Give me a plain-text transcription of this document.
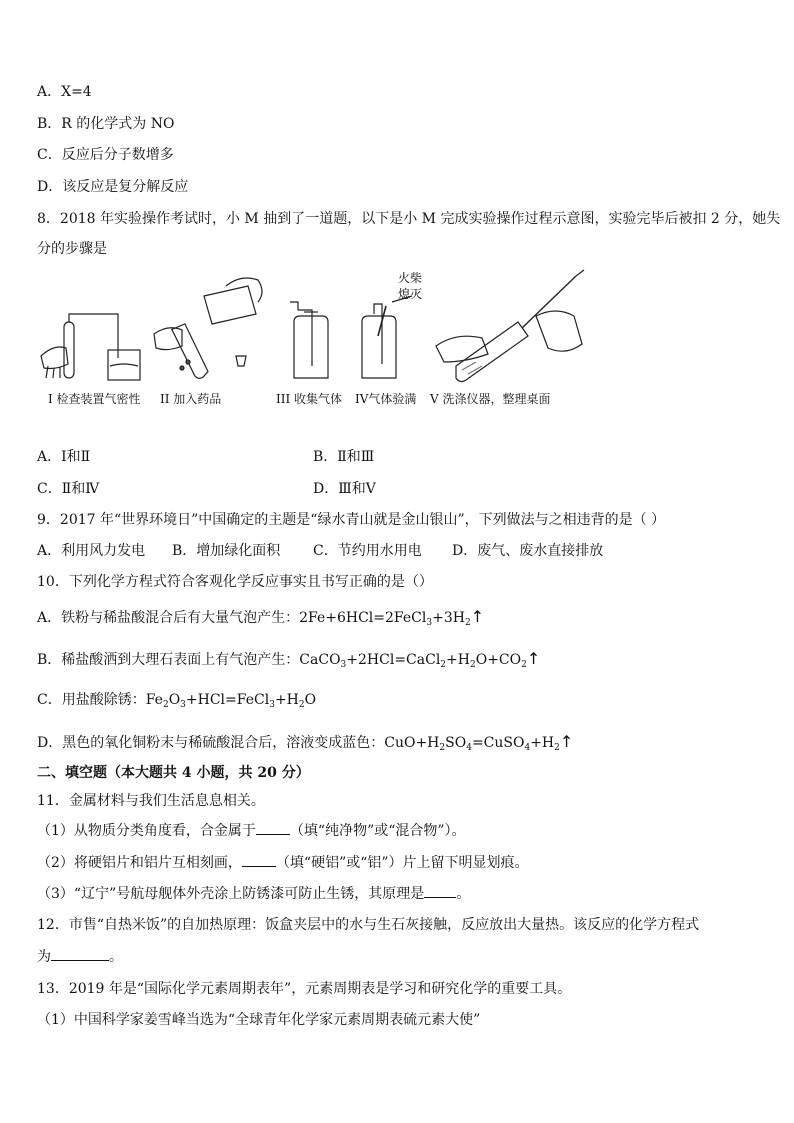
A．X=4
B．R 的化学式为 NO
C．反应后分子数增多
D．该反应是复分解反应
8．2018 年实验操作考试时，小 M 抽到了一道题，以下是小 M 完成实验操作过程示意图，实验完毕后被扣 2 分，她失
分的步骤是
火柴
熄灭
I 检查装置气密性 II 加入药品	III 收集气体 IV气体验满 V 洗涤仪器，整理桌面
A．Ⅰ和Ⅱ	B．Ⅱ和Ⅲ
C．Ⅱ和Ⅳ	D．Ⅲ和Ⅴ
9．2017 年“世界环境日”中国确定的主题是“绿水青山就是金山银山”，下列做法与之相违背的是（ ）
A．利用风力发电 B．增加绿化面积 C．节约用水用电 D．废气、废水直接排放
10．下列化学方程式符合客观化学反应事实且书写正确的是（）
A．铁粉与稀盐酸混合后有大量气泡产生：$2Fe+6HCl=2FeCl_3+3H_2↑$
B．稀盐酸洒到大理石表面上有气泡产生：$CaCO_3+2HCl=CaCl_2+H_2O+CO_2↑$
C．用盐酸除锈：$Fe_2O_3+HCl=FeCl_3+H_2O$
D．黑色的氧化铜粉末与稀硫酸混合后，溶液变成蓝色：$CuO+H_2SO_4=CuSO_4+H_2↑$
二、填空题（本大题共 4 小题，共 20 分）
11．金属材料与我们生活息息相关。
（1）从物质分类角度看，合金属于 （填“纯净物”或“混合物”）。
（2）将硬铝片和铝片互相刻画， （填“硬铝”或“铝”）片上留下明显划痕。
（3）“辽宁”号航母舰体外壳涂上防锈漆可防止生锈，其原理是 。
12．市售“自热米饭”的自加热原理：饭盒夹层中的水与生石灰接触，反应放出大量热。该反应的化学方程式
为	。
13．2019 年是“国际化学元素周期表年”，元素周期表是学习和研究化学的重要工具。
（1）中国科学家姜雪峰当选为“全球青年化学家元素周期表硫元素大使”
